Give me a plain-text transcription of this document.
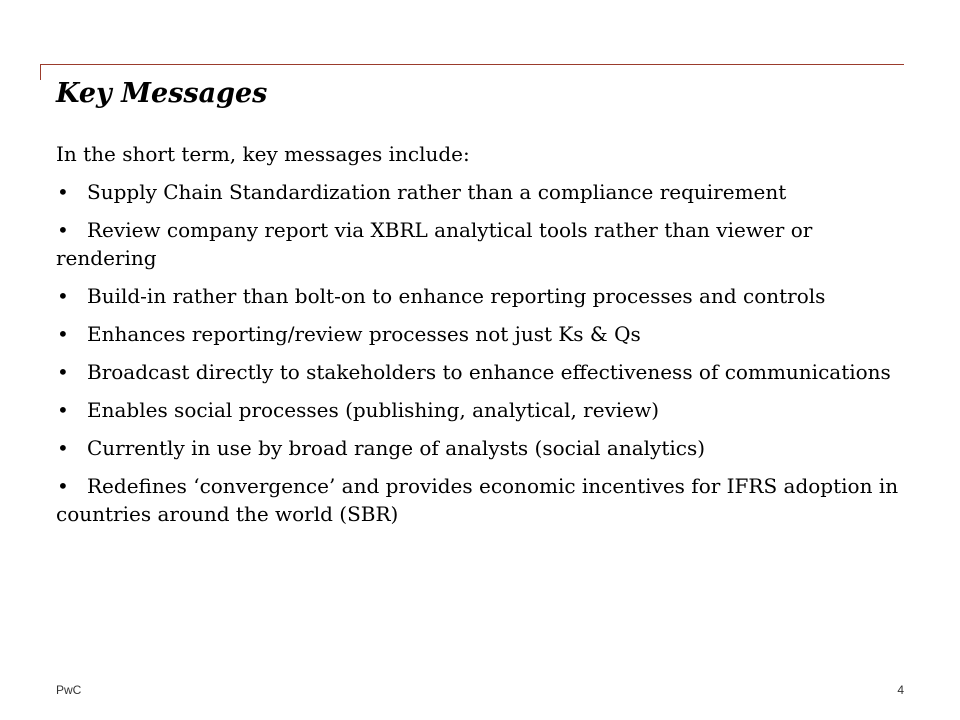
Key Messages

In the short term, key messages include:

• Supply Chain Standardization rather than a compliance requirement
• Review company report via XBRL analytical tools rather than viewer or rendering
• Build-in rather than bolt-on to enhance reporting processes and controls
• Enhances reporting/review processes not just Ks & Qs
• Broadcast directly to stakeholders to enhance effectiveness of communications
• Enables social processes (publishing, analytical, review)
• Currently in use by broad range of analysts (social analytics)
• Redefines ‘convergence’ and provides economic incentives for IFRS adoption in countries around the world (SBR)
PwC	4
